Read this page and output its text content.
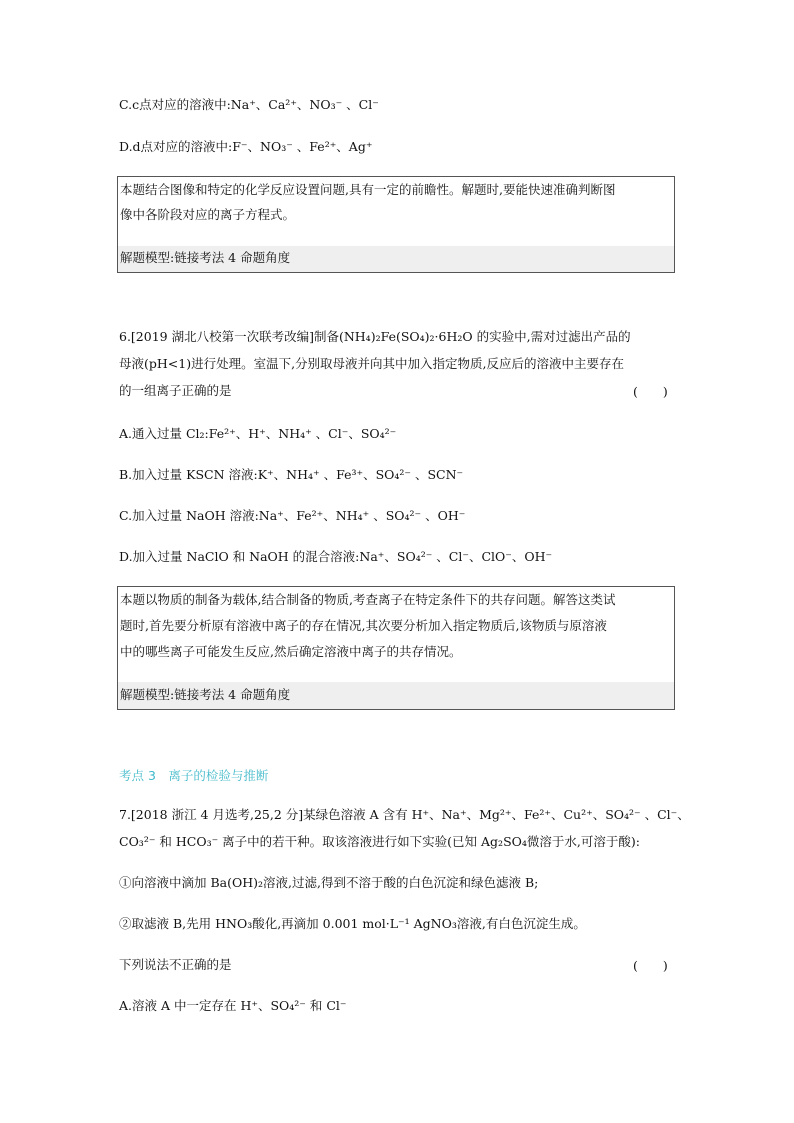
C.c点对应的溶液中:Na⁺、Ca²⁺、NO₃⁻ 、Cl⁻
D.d点对应的溶液中:F⁻、NO₃⁻ 、Fe²⁺、Ag⁺
本题结合图像和特定的化学反应设置问题,具有一定的前瞻性。解题时,要能快速准确判断图
像中各阶段对应的离子方程式。
解题模型:链接考法 4 命题角度
6.[2019 湖北八校第一次联考改编]制备(NH₄)₂Fe(SO₄)₂·6H₂O 的实验中,需对过滤出产品的
母液(pH<1)进行处理。室温下,分别取母液并向其中加入指定物质,反应后的溶液中主要存在
的一组离子正确的是	(　　)
A.通入过量 Cl₂:Fe²⁺、H⁺、NH₄⁺ 、Cl⁻、SO₄²⁻
B.加入过量 KSCN 溶液:K⁺、NH₄⁺ 、Fe³⁺、SO₄²⁻ 、SCN⁻
C.加入过量 NaOH 溶液:Na⁺、Fe²⁺、NH₄⁺ 、SO₄²⁻ 、OH⁻
D.加入过量 NaClO 和 NaOH 的混合溶液:Na⁺、SO₄²⁻ 、Cl⁻、ClO⁻、OH⁻
本题以物质的制备为载体,结合制备的物质,考查离子在特定条件下的共存问题。解答这类试
题时,首先要分析原有溶液中离子的存在情况,其次要分析加入指定物质后,该物质与原溶液
中的哪些离子可能发生反应,然后确定溶液中离子的共存情况。
解题模型:链接考法 4 命题角度
考点 3　离子的检验与推断
7.[2018 浙江 4 月选考,25,2 分]某绿色溶液 A 含有 H⁺、Na⁺、Mg²⁺、Fe²⁺、Cu²⁺、SO₄²⁻ 、Cl⁻、
CO₃²⁻ 和 HCO₃⁻ 离子中的若干种。取该溶液进行如下实验(已知 Ag₂SO₄微溶于水,可溶于酸):
①向溶液中滴加 Ba(OH)₂溶液,过滤,得到不溶于酸的白色沉淀和绿色滤液 B;
②取滤液 B,先用 HNO₃酸化,再滴加 0.001 mol·L⁻¹ AgNO₃溶液,有白色沉淀生成。
下列说法不正确的是	(　　)
A.溶液 A 中一定存在 H⁺、SO₄²⁻ 和 Cl⁻
